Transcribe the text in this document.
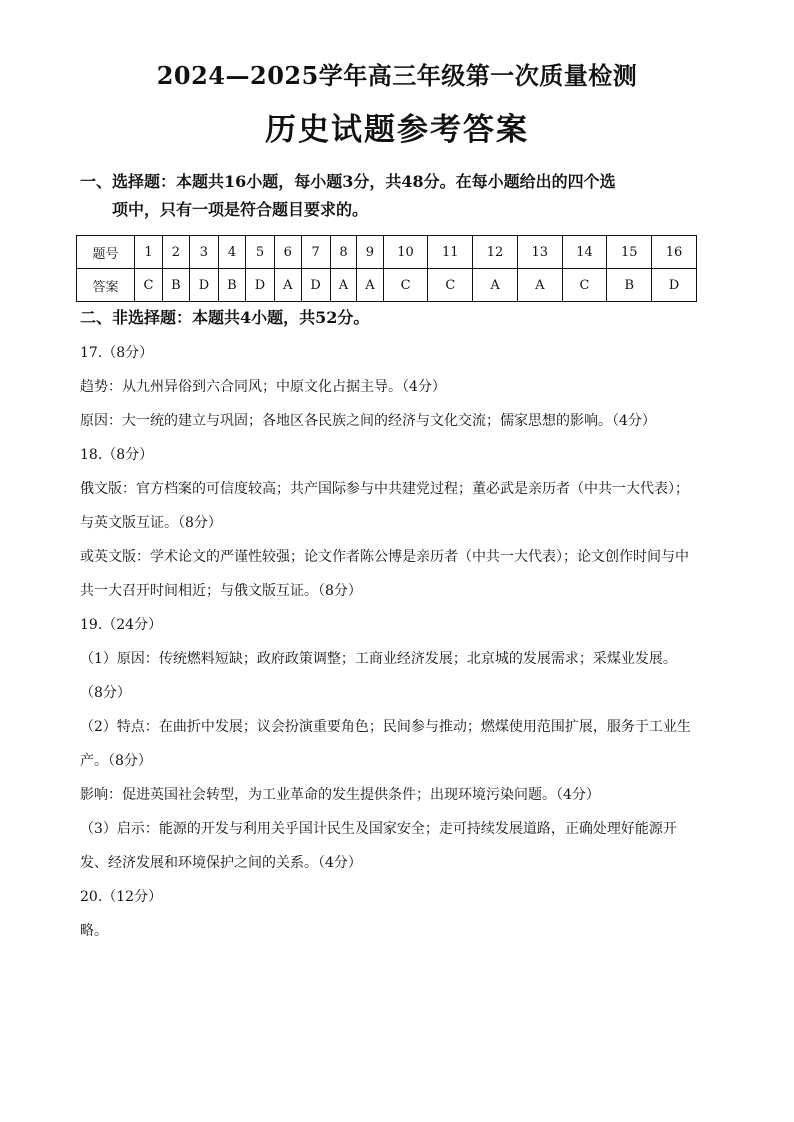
2024—2025学年高三年级第一次质量检测
历史试题参考答案
一、选择题：本题共16小题，每小题3分，共48分。在每小题给出的四个选
项中，只有一项是符合题目要求的。
题号	1	2	3	4	5	6	7	8	9	10	11	12	13	14	15	16
答案	C	B	D	B	D	A	D	A	A	C	C	A	A	C	B	D
二、非选择题：本题共4小题，共52分。

17.（8分）

趋势：从九州异俗到六合同风；中原文化占据主导。（4分）

原因：大一统的建立与巩固；各地区各民族之间的经济与文化交流；儒家思想的影响。（4分）

18.（8分）

俄文版：官方档案的可信度较高；共产国际参与中共建党过程；董必武是亲历者（中共一大代表）；与英文版互证。（8分）

或英文版：学术论文的严谨性较强；论文作者陈公博是亲历者（中共一大代表）；论文创作时间与中共一大召开时间相近；与俄文版互证。（8分）

19.（24分）

（1）原因：传统燃料短缺；政府政策调整；工商业经济发展；北京城的发展需求；采煤业发展。（8分）

（2）特点：在曲折中发展；议会扮演重要角色；民间参与推动；燃煤使用范围扩展，服务于工业生产。（8分）

影响：促进英国社会转型，为工业革命的发生提供条件；出现环境污染问题。（4分）

（3）启示：能源的开发与利用关乎国计民生及国家安全；走可持续发展道路，正确处理好能源开发、经济发展和环境保护之间的关系。（4分）

20.（12分）

略。
